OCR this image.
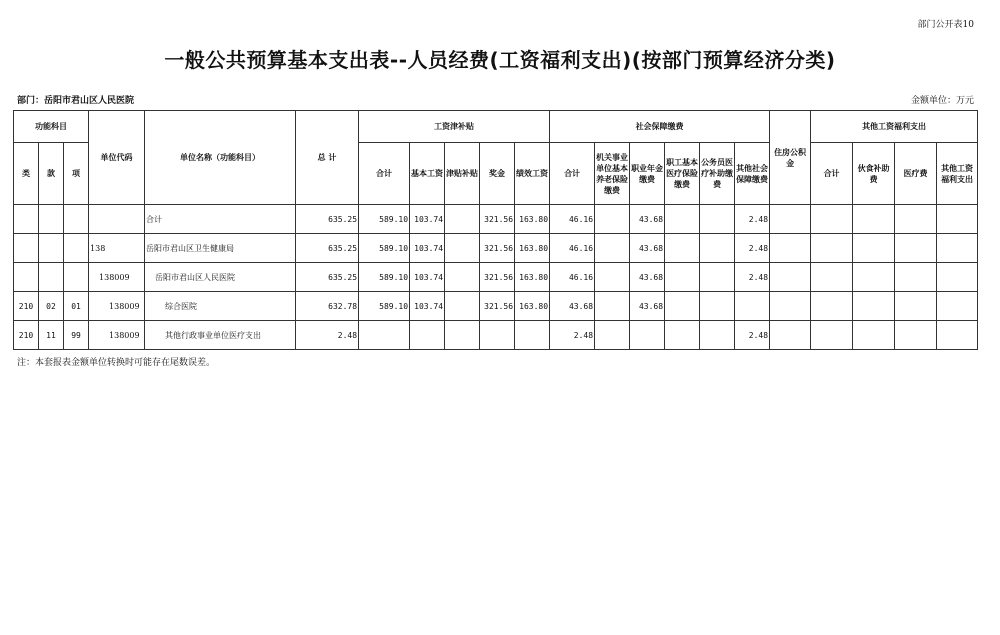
部门公开表10
一般公共预算基本支出表--人员经费(工资福利支出)(按部门预算经济分类)
部门：岳阳市君山区人民医院	金额单位：万元
功能科目			单位代码	单位名称（功能科目）	总 计	工资津补贴					社会保障缴费						住房公积金	其他工资福利支出			
类	款	项				合计	基本工资	津贴补贴	奖金	绩效工资	合计	机关事业单位基本养老保险缴费	职业年金缴费	职工基本医疗保险缴费	公务员医疗补助缴费	其他社会保障缴费		合计	伙食补助费	医疗费	其他工资福利支出
				合计	635.25	589.10	103.74		321.56	163.80	46.16		43.68			2.48					
			138	岳阳市君山区卫生健康局	635.25	589.10	103.74		321.56	163.80	46.16		43.68			2.48					
			138009	岳阳市君山区人民医院	635.25	589.10	103.74		321.56	163.80	46.16		43.68			2.48					
210	02	01	138009	综合医院	632.78	589.10	103.74		321.56	163.80	43.68		43.68								
210	11	99	138009	其他行政事业单位医疗支出	2.48						2.48					2.48					
注：本套报表金额单位转换时可能存在尾数误差。
